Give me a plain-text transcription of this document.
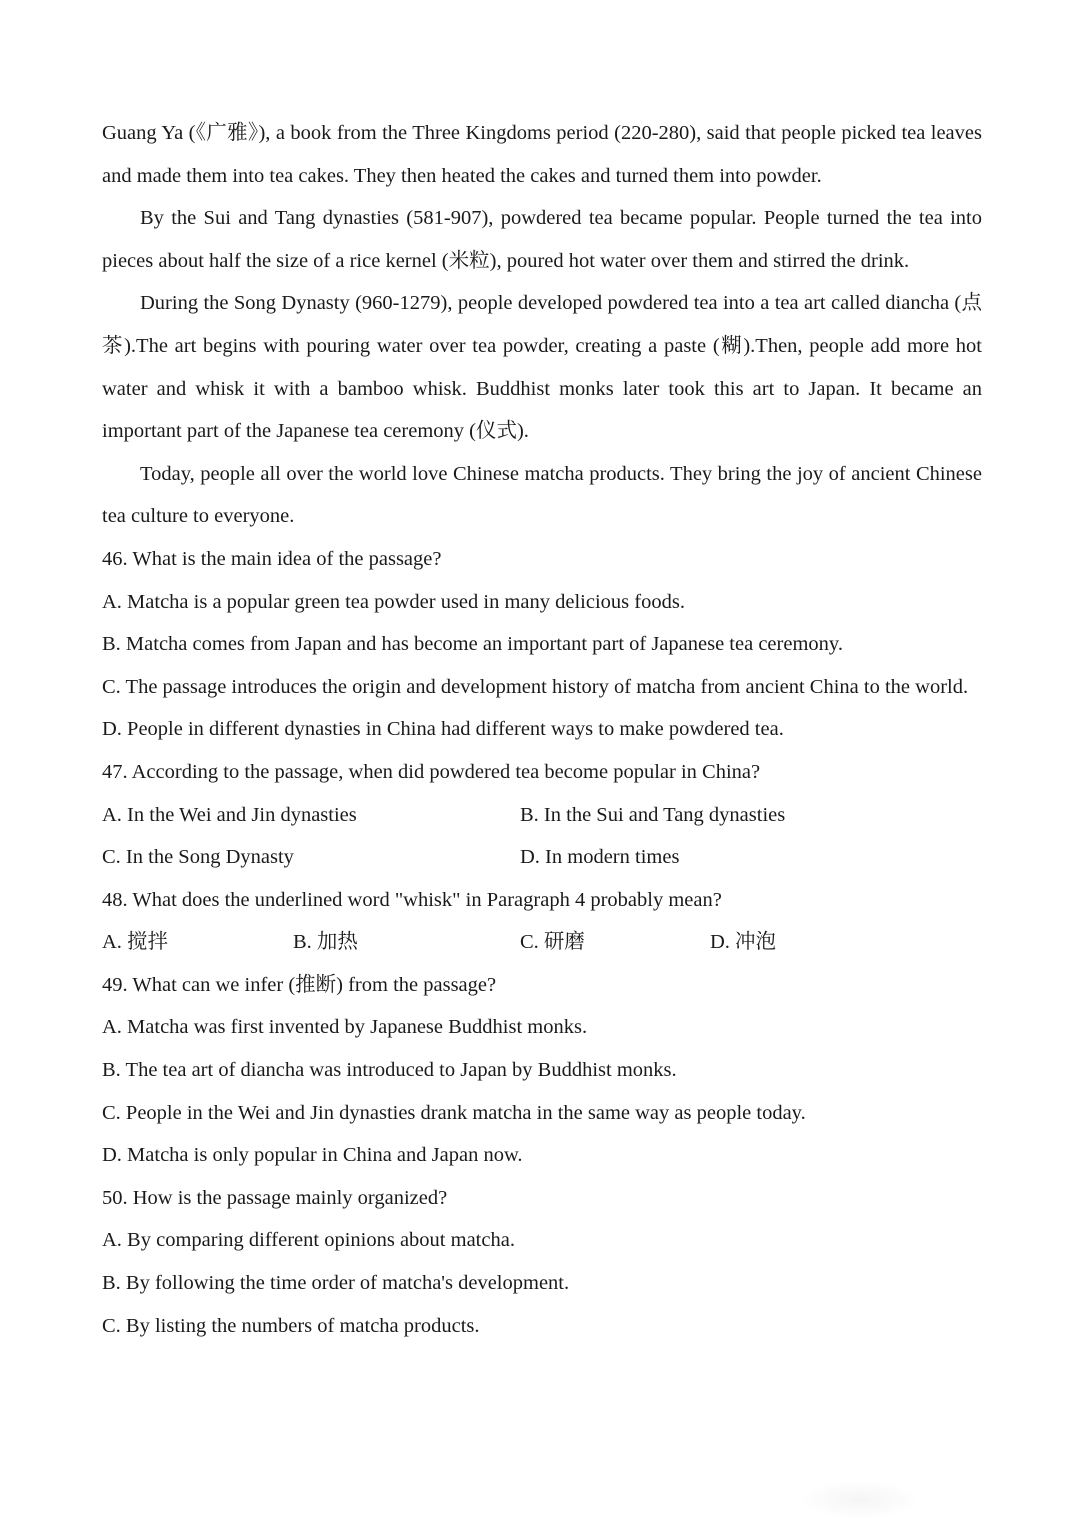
Guang Ya (《广雅》), a book from the Three Kingdoms period (220-280), said that people picked tea leaves and made them into tea cakes. They then heated the cakes and turned them into powder.

By the Sui and Tang dynasties (581-907), powdered tea became popular. People turned the tea into pieces about half the size of a rice kernel (米粒), poured hot water over them and stirred the drink.

During the Song Dynasty (960-1279), people developed powdered tea into a tea art called diancha (点茶).The art begins with pouring water over tea powder, creating a paste (糊).Then, people add more hot water and whisk it with a bamboo whisk. Buddhist monks later took this art to Japan. It became an important part of the Japanese tea ceremony (仪式).

Today, people all over the world love Chinese matcha products. They bring the joy of ancient Chinese tea culture to everyone.

46. What is the main idea of the passage?
A. Matcha is a popular green tea powder used in many delicious foods.
B. Matcha comes from Japan and has become an important part of Japanese tea ceremony.

C. The passage introduces the origin and development history of matcha from ancient China to the world.

D. People in different dynasties in China had different ways to make powdered tea.
47. According to the passage, when did powdered tea become popular in China?
A. In the Wei and Jin dynasties	B. In the Sui and Tang dynasties
C. In the Song Dynasty	D. In modern times
48. What does the underlined word "whisk" in Paragraph 4 probably mean?
A. 搅拌	B. 加热	C. 研磨	D. 冲泡
49. What can we infer (推断) from the passage?
A. Matcha was first invented by Japanese Buddhist monks.
B. The tea art of diancha was introduced to Japan by Buddhist monks.
C. People in the Wei and Jin dynasties drank matcha in the same way as people today.
D. Matcha is only popular in China and Japan now.
50. How is the passage mainly organized?
A. By comparing different opinions about matcha.
B. By following the time order of matcha's development.
C. By listing the numbers of matcha products.
